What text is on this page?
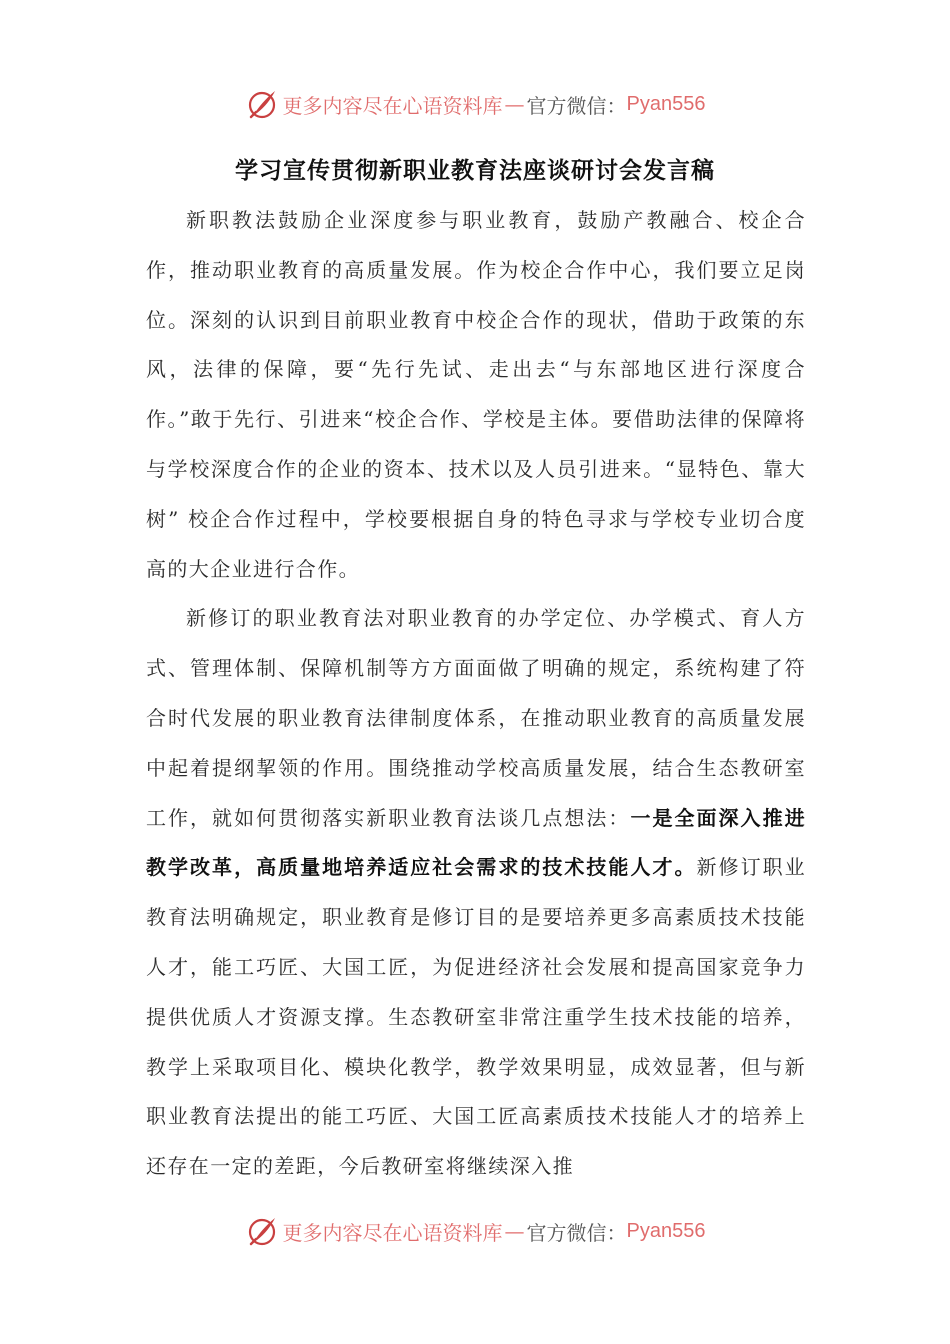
更多内容尽在心语资料库 — 官方微信： Pyan556
学习宣传贯彻新职业教育法座谈研讨会发言稿

新职教法鼓励企业深度参与职业教育，鼓励产教融合、校企合作，推动职业教育的高质量发展。作为校企合作中心，我们要立足岗位。深刻的认识到目前职业教育中校企合作的现状，借助于政策的东风，法律的保障，要“先行先试、走出去“与东部地区进行深度合作。”敢于先行、引进来“校企合作、学校是主体。要借助法律的保障将与学校深度合作的企业的资本、技术以及人员引进来。“显特色、靠大树” 校企合作过程中，学校要根据自身的特色寻求与学校专业切合度高的大企业进行合作。

新修订的职业教育法对职业教育的办学定位、办学模式、育人方式、管理体制、保障机制等方方面面做了明确的规定，系统构建了符合时代发展的职业教育法律制度体系，在推动职业教育的高质量发展中起着提纲挈领的作用。围绕推动学校高质量发展，结合生态教研室工作，就如何贯彻落实新职业教育法谈几点想法：一是全面深入推进教学改革，高质量地培养适应社会需求的技术技能人才。新修订职业教育法明确规定，职业教育是修订目的是要培养更多高素质技术技能人才，能工巧匠、大国工匠，为促进经济社会发展和提高国家竞争力提供优质人才资源支撑。生态教研室非常注重学生技术技能的培养，教学上采取项目化、模块化教学，教学效果明显，成效显著，但与新职业教育法提出的能工巧匠、大国工匠高素质技术技能人才的培养上还存在一定的差距，今后教研室将继续深入推

更多内容尽在心语资料库 — 官方微信： Pyan556
